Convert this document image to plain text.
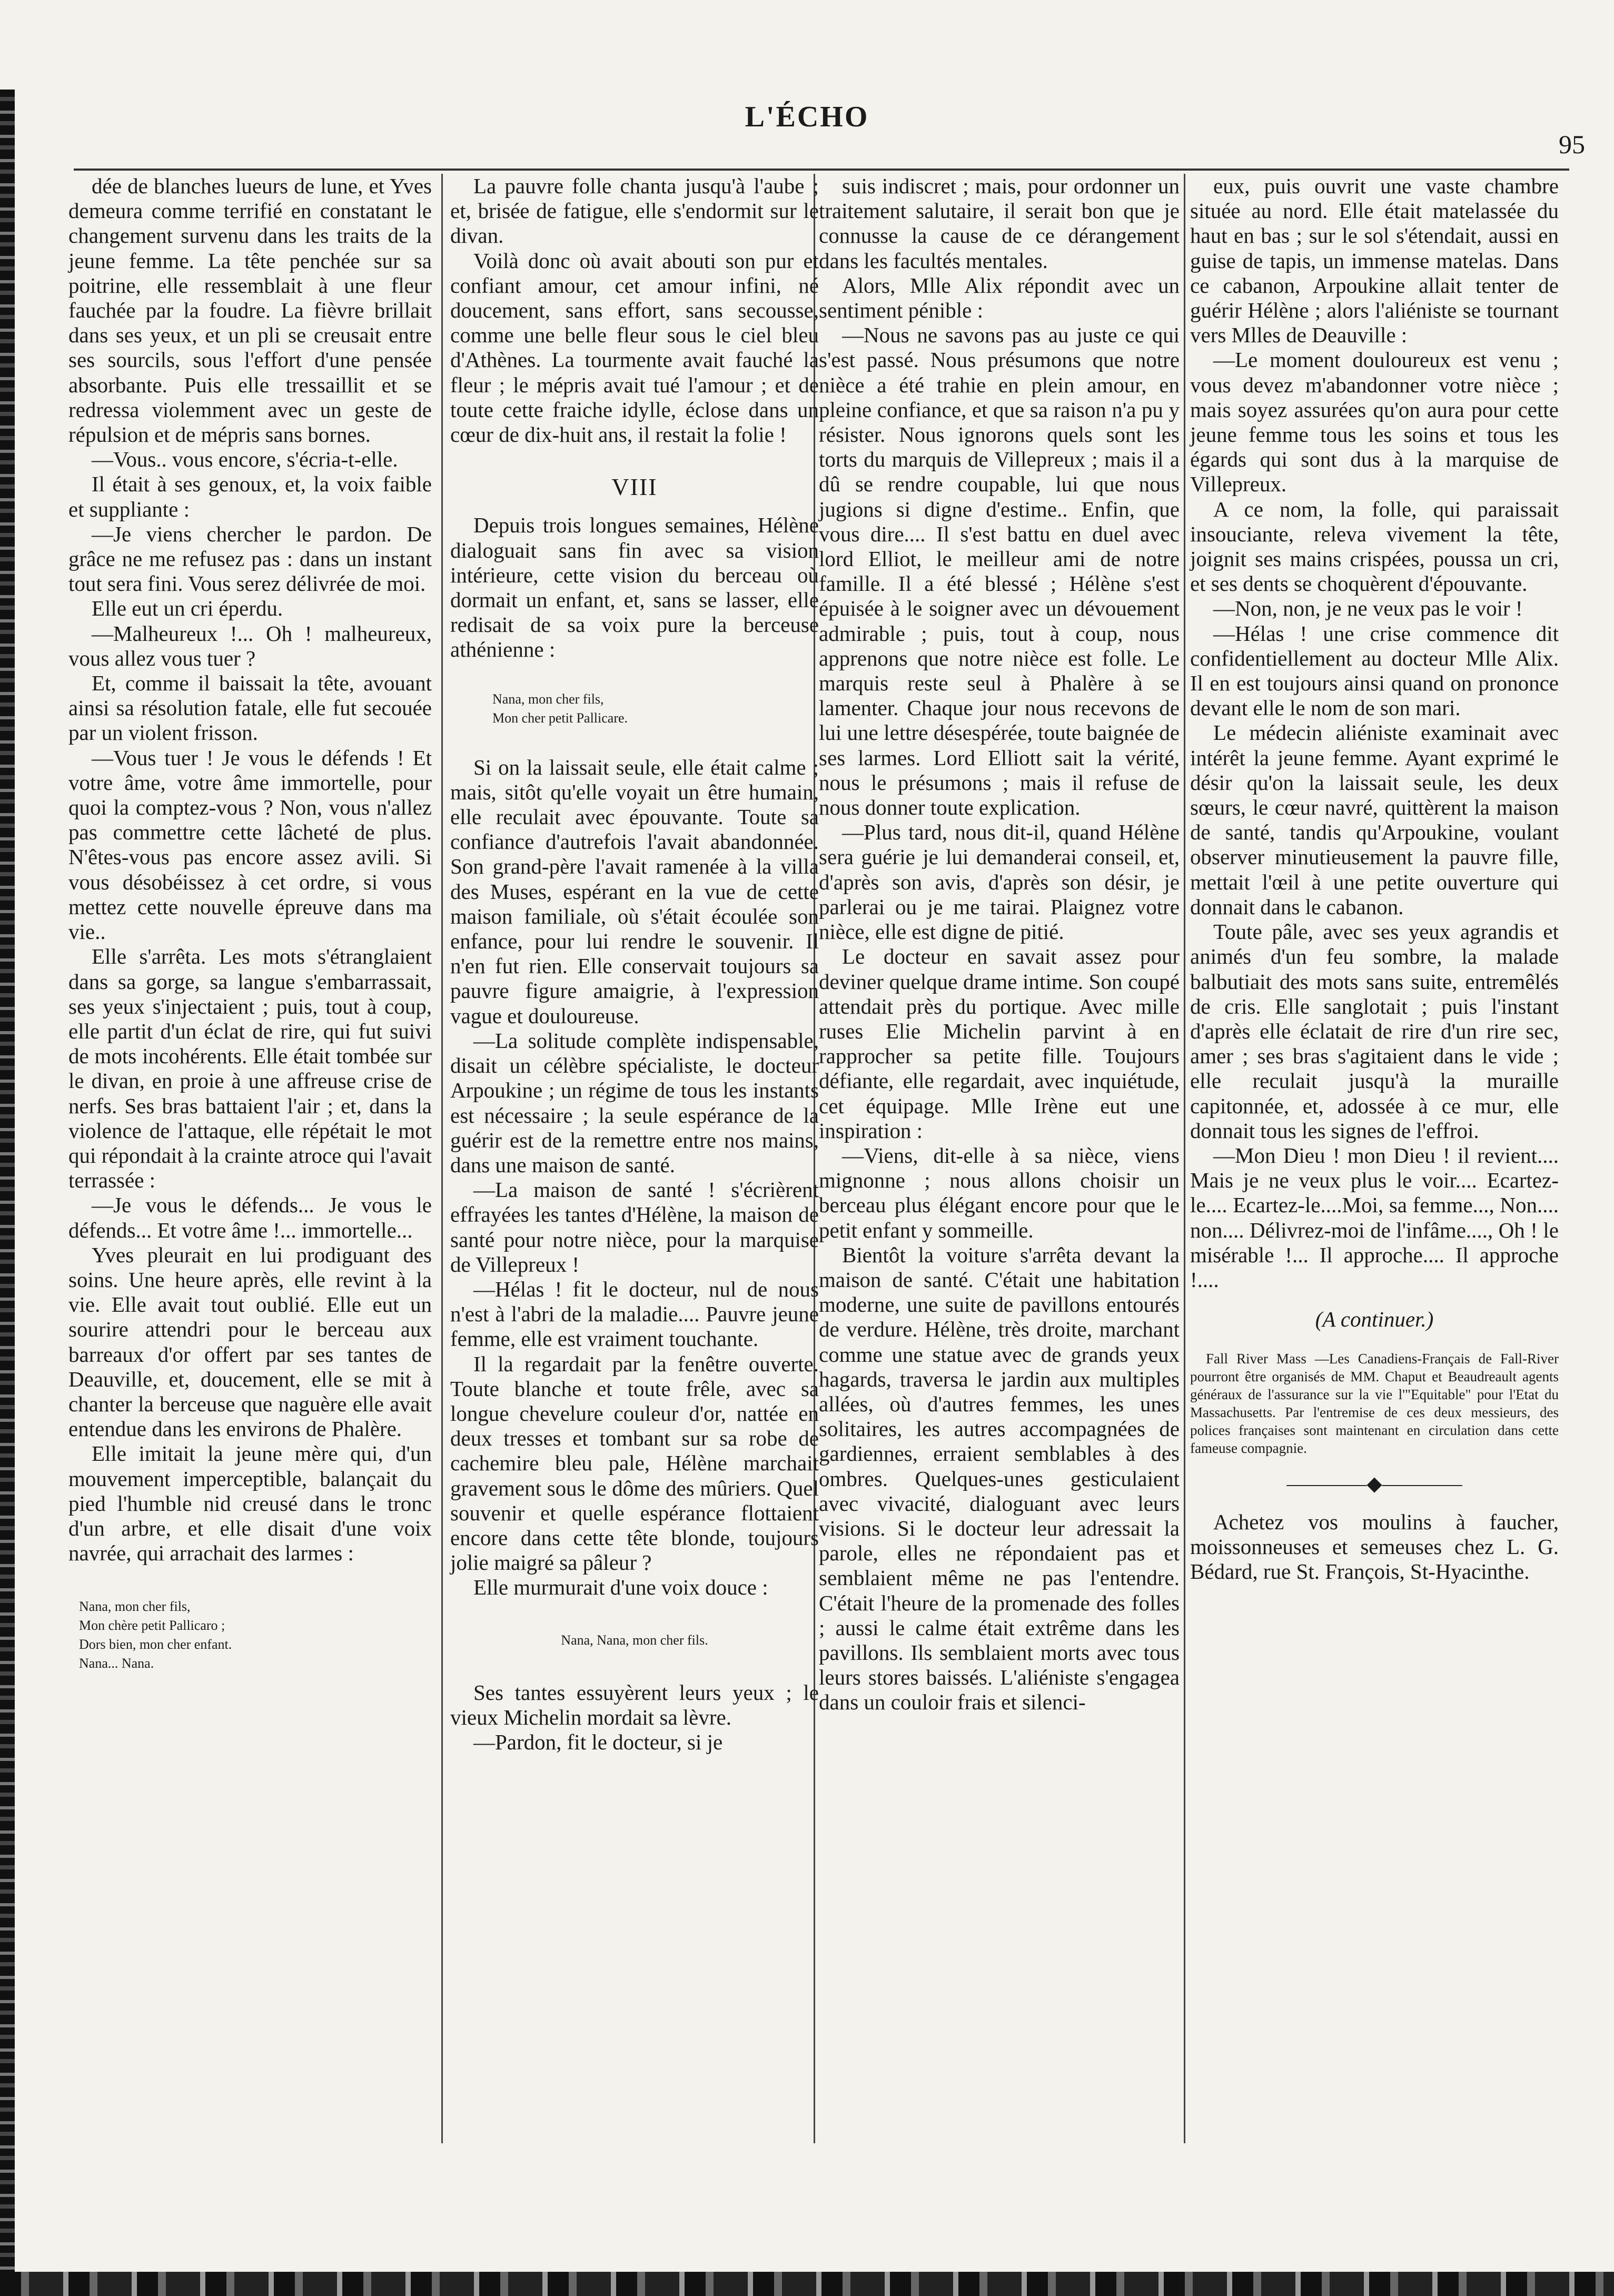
L'ÉCHO
95

dée de blanches lueurs de lune, et Yves demeura comme terrifié en constatant le changement survenu dans les traits de la jeune femme. La tête penchée sur sa poitrine, elle ressemblait à une fleur fauchée par la foudre. La fièvre brillait dans ses yeux, et un pli se creusait entre ses sourcils, sous l'effort d'une pensée absorbante. Puis elle tressaillit et se redressa violemment avec un geste de répulsion et de mépris sans bornes.

—Vous.. vous encore, s'écria-t-elle.

Il était à ses genoux, et, la voix faible et suppliante :

—Je viens chercher le pardon. De grâce ne me refusez pas : dans un instant tout sera fini. Vous serez délivrée de moi.

Elle eut un cri éperdu.

—Malheureux !... Oh ! malheureux, vous allez vous tuer ?

Et, comme il baissait la tête, avouant ainsi sa résolution fatale, elle fut secouée par un violent frisson.

—Vous tuer ! Je vous le défends ! Et votre âme, votre âme immortelle, pour quoi la comptez-vous ? Non, vous n'allez pas commettre cette lâcheté de plus. N'êtes-vous pas encore assez avili. Si vous désobéissez à cet ordre, si vous mettez cette nouvelle épreuve dans ma vie..

Elle s'arrêta. Les mots s'étranglaient dans sa gorge, sa langue s'embarrassait, ses yeux s'injectaient ; puis, tout à coup, elle partit d'un éclat de rire, qui fut suivi de mots incohérents. Elle était tombée sur le divan, en proie à une affreuse crise de nerfs. Ses bras battaient l'air ; et, dans la violence de l'attaque, elle répétait le mot qui répondait à la crainte atroce qui l'avait terrassée :

—Je vous le défends... Je vous le défends... Et votre âme !... immortelle...

Yves pleurait en lui prodiguant des soins. Une heure après, elle revint à la vie. Elle avait tout oublié. Elle eut un sourire attendri pour le berceau aux barreaux d'or offert par ses tantes de Deauville, et, doucement, elle se mit à chanter la berceuse que naguère elle avait entendue dans les environs de Phalère.

Elle imitait la jeune mère qui, d'un mouvement imperceptible, balançait du pied l'humble nid creusé dans le tronc d'un arbre, et elle disait d'une voix navrée, qui arrachait des larmes :

Nana, mon cher fils,

Mon chère petit Pallicaro ;

Dors bien, mon cher enfant.

Nana... Nana.

La pauvre folle chanta jusqu'à l'aube ; et, brisée de fatigue, elle s'endormit sur le divan.

Voilà donc où avait abouti son pur et confiant amour, cet amour infini, né doucement, sans effort, sans secousse, comme une belle fleur sous le ciel bleu d'Athènes. La tourmente avait fauché la fleur ; le mépris avait tué l'amour ; et de toute cette fraiche idylle, éclose dans un cœur de dix-huit ans, il restait la folie !

VIII

Depuis trois longues semaines, Hélène dialoguait sans fin avec sa vision intérieure, cette vision du berceau où dormait un enfant, et, sans se lasser, elle redisait de sa voix pure la berceuse athénienne :

Nana, mon cher fils,

Mon cher petit Pallicare.

Si on la laissait seule, elle était calme ; mais, sitôt qu'elle voyait un être humain, elle reculait avec épouvante. Toute sa confiance d'autrefois l'avait abandonnée. Son grand-père l'avait ramenée à la villa des Muses, espérant en la vue de cette maison familiale, où s'était écoulée son enfance, pour lui rendre le souvenir. Il n'en fut rien. Elle conservait toujours sa pauvre figure amaigrie, à l'expression vague et douloureuse.

—La solitude complète indispensable, disait un célèbre spécialiste, le docteur Arpoukine ; un régime de tous les instants est nécessaire ; la seule espérance de la guérir est de la remettre entre nos mains, dans une maison de santé.

—La maison de santé ! s'écrièrent effrayées les tantes d'Hélène, la maison de santé pour notre nièce, pour la marquise de Villepreux !

—Hélas ! fit le docteur, nul de nous n'est à l'abri de la maladie.... Pauvre jeune femme, elle est vraiment touchante.

Il la regardait par la fenêtre ouverte. Toute blanche et toute frêle, avec sa longue chevelure couleur d'or, nattée en deux tresses et tombant sur sa robe de cachemire bleu pale, Hélène marchait gravement sous le dôme des mûriers. Quel souvenir et quelle espérance flottaient encore dans cette tête blonde, toujours jolie maigré sa pâleur ?

Elle murmurait d'une voix douce :

Nana, Nana, mon cher fils.

Ses tantes essuyèrent leurs yeux ; le vieux Michelin mordait sa lèvre.

—Pardon, fit le docteur, si je

suis indiscret ; mais, pour ordonner un traitement salutaire, il serait bon que je connusse la cause de ce dérangement dans les facultés mentales.

Alors, Mlle Alix répondit avec un sentiment pénible :

—Nous ne savons pas au juste ce qui s'est passé. Nous présumons que notre nièce a été trahie en plein amour, en pleine confiance, et que sa raison n'a pu y résister. Nous ignorons quels sont les torts du marquis de Villepreux ; mais il a dû se rendre coupable, lui que nous jugions si digne d'estime.. Enfin, que vous dire.... Il s'est battu en duel avec lord Elliot, le meilleur ami de notre famille. Il a été blessé ; Hélène s'est épuisée à le soigner avec un dévouement admirable ; puis, tout à coup, nous apprenons que notre nièce est folle. Le marquis reste seul à Phalère à se lamenter. Chaque jour nous recevons de lui une lettre désespérée, toute baignée de ses larmes. Lord Elliott sait la vérité, nous le présumons ; mais il refuse de nous donner toute explication.

—Plus tard, nous dit-il, quand Hélène sera guérie je lui demanderai conseil, et, d'après son avis, d'après son désir, je parlerai ou je me tairai. Plaignez votre nièce, elle est digne de pitié.

Le docteur en savait assez pour deviner quelque drame intime. Son coupé attendait près du portique. Avec mille ruses Elie Michelin parvint à en rapprocher sa petite fille. Toujours défiante, elle regardait, avec inquiétude, cet équipage. Mlle Irène eut une inspiration :

—Viens, dit-elle à sa nièce, viens mignonne ; nous allons choisir un berceau plus élégant encore pour que le petit enfant y sommeille.

Bientôt la voiture s'arrêta devant la maison de santé. C'était une habitation moderne, une suite de pavillons entourés de verdure. Hélène, très droite, marchant comme une statue avec de grands yeux hagards, traversa le jardin aux multiples allées, où d'autres femmes, les unes solitaires, les autres accompagnées de gardiennes, erraient semblables à des ombres. Quelques-unes gesticulaient avec vivacité, dialoguant avec leurs visions. Si le docteur leur adressait la parole, elles ne répondaient pas et semblaient même ne pas l'entendre. C'était l'heure de la promenade des folles ; aussi le calme était extrême dans les pavillons. Ils semblaient morts avec tous leurs stores baissés. L'aliéniste s'engagea dans un couloir frais et silenci-

eux, puis ouvrit une vaste chambre située au nord. Elle était matelassée du haut en bas ; sur le sol s'étendait, aussi en guise de tapis, un immense matelas. Dans ce cabanon, Arpoukine allait tenter de guérir Hélène ; alors l'aliéniste se tournant vers Mlles de Deauville :

—Le moment douloureux est venu ; vous devez m'abandonner votre nièce ; mais soyez assurées qu'on aura pour cette jeune femme tous les soins et tous les égards qui sont dus à la marquise de Villepreux.

A ce nom, la folle, qui paraissait insouciante, releva vivement la tête, joignit ses mains crispées, poussa un cri, et ses dents se choquèrent d'épouvante.

—Non, non, je ne veux pas le voir !

—Hélas ! une crise commence dit confidentiellement au docteur Mlle Alix. Il en est toujours ainsi quand on prononce devant elle le nom de son mari.

Le médecin aliéniste examinait avec intérêt la jeune femme. Ayant exprimé le désir qu'on la laissait seule, les deux sœurs, le cœur navré, quittèrent la maison de santé, tandis qu'Arpoukine, voulant observer minutieusement la pauvre fille, mettait l'œil à une petite ouverture qui donnait dans le cabanon.

Toute pâle, avec ses yeux agrandis et animés d'un feu sombre, la malade balbutiait des mots sans suite, entremêlés de cris. Elle sanglotait ; puis l'instant d'après elle éclatait de rire d'un rire sec, amer ; ses bras s'agitaient dans le vide ; elle reculait jusqu'à la muraille capitonnée, et, adossée à ce mur, elle donnait tous les signes de l'effroi.

—Mon Dieu ! mon Dieu ! il revient.... Mais je ne veux plus le voir.... Ecartez-le.... Ecartez-le....Moi, sa femme..., Non.... non.... Délivrez-moi de l'infâme...., Oh ! le misérable !... Il approche.... Il approche !....

(A continuer.)

Fall River Mass —Les Canadiens-Français de Fall-River pourront être organisés de MM. Chaput et Beaudreault agents généraux de l'assurance sur la vie l'"Equitable" pour l'Etat du Massachusetts. Par l'entremise de ces deux messieurs, des polices françaises sont maintenant en circulation dans cette fameuse compagnie.

————◆————

Achetez vos moulins à faucher, moissonneuses et semeuses chez L. G. Bédard, rue St. François, St-Hyacinthe.
